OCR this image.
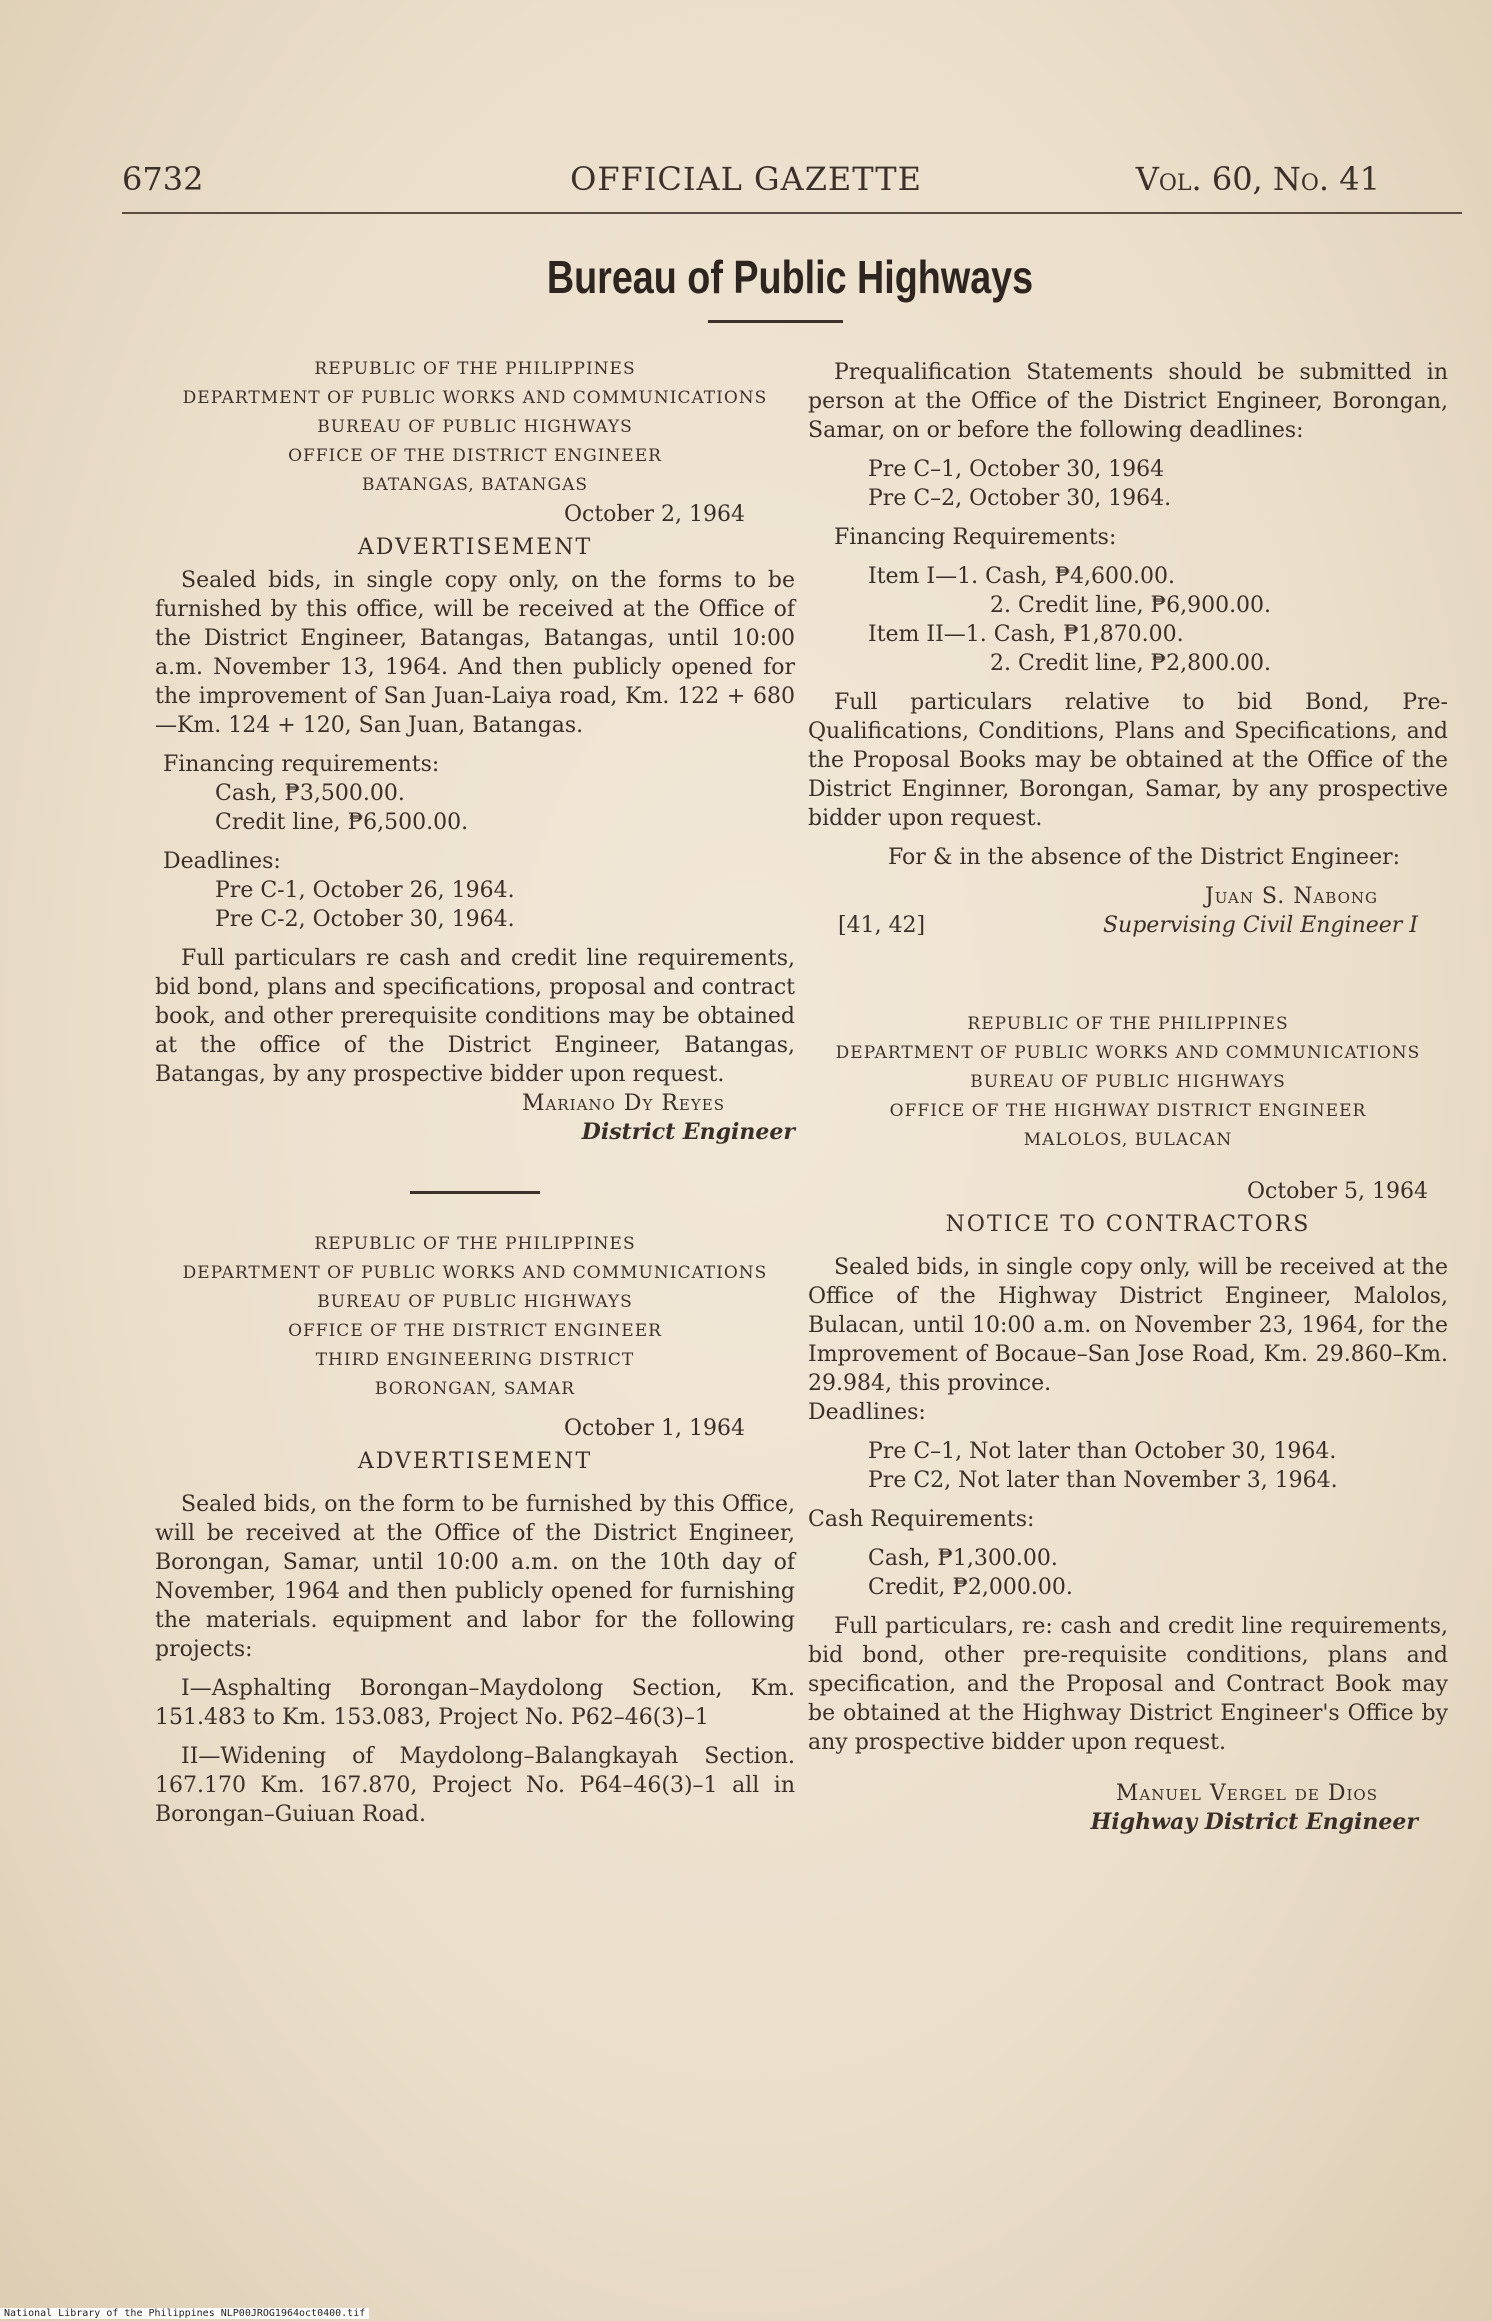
6732	OFFICIAL GAZETTE	Vol. 60, No. 41
Bureau of Public Highways
REPUBLIC OF THE PHILIPPINES
DEPARTMENT OF PUBLIC WORKS AND COMMUNICATIONS
BUREAU OF PUBLIC HIGHWAYS
OFFICE OF THE DISTRICT ENGINEER
BATANGAS, BATANGAS
October 2, 1964
ADVERTISEMENT

Sealed bids, in single copy only, on the forms to be furnished by this office, will be received at the Office of the District Engineer, Batangas, Batangas, until 10:00 a.m. November 13, 1964. And then publicly opened for the improvement of San Juan-Laiya road, Km. 122 + 680—Km. 124 + 120, San Juan, Batangas.

Financing requirements:
Cash, ₱3,500.00.
Credit line, ₱6,500.00.
Deadlines:
Pre C-1, October 26, 1964.
Pre C-2, October 30, 1964.

Full particulars re cash and credit line requirements, bid bond, plans and specifications, proposal and contract book, and other prerequisite conditions may be obtained at the office of the District Engineer, Batangas, Batangas, by any prospective bidder upon request.

Mariano Dy Reyes
District Engineer
REPUBLIC OF THE PHILIPPINES
DEPARTMENT OF PUBLIC WORKS AND COMMUNICATIONS
BUREAU OF PUBLIC HIGHWAYS
OFFICE OF THE DISTRICT ENGINEER
THIRD ENGINEERING DISTRICT
BORONGAN, SAMAR
October 1, 1964
ADVERTISEMENT

Sealed bids, on the form to be furnished by this Office, will be received at the Office of the District Engineer, Borongan, Samar, until 10:00 a.m. on the 10th day of November, 1964 and then publicly opened for furnishing the materials. equipment and labor for the following projects:

I—Asphalting Borongan–Maydolong Section, Km. 151.483 to Km. 153.083, Project No. P62–46(3)–1

II—Widening of Maydolong–Balangkayah Section. 167.170 Km. 167.870, Project No. P64–46(3)–1 all in Borongan–Guiuan Road.

Prequalification Statements should be submitted in person at the Office of the District Engineer, Borongan, Samar, on or before the following deadlines:

Pre C–1, October 30, 1964
Pre C–2, October 30, 1964.
Financing Requirements:
Item I—1. Cash, ₱4,600.00.
2. Credit line, ₱6,900.00.
Item II—1. Cash, ₱1,870.00.
2. Credit line, ₱2,800.00.

Full particulars relative to bid Bond, Pre-Qualifications, Conditions, Plans and Specifications, and the Proposal Books may be obtained at the Office of the District Enginner, Borongan, Samar, by any prospective bidder upon request.

For & in the absence of the District Engineer:
Juan S. Nabong
[41, 42]	Supervising Civil Engineer I
REPUBLIC OF THE PHILIPPINES
DEPARTMENT OF PUBLIC WORKS AND COMMUNICATIONS
BUREAU OF PUBLIC HIGHWAYS
OFFICE OF THE HIGHWAY DISTRICT ENGINEER
MALOLOS, BULACAN
October 5, 1964
NOTICE TO CONTRACTORS

Sealed bids, in single copy only, will be received at the Office of the Highway District Engineer, Malolos, Bulacan, until 10:00 a.m. on November 23, 1964, for the Improvement of Bocaue–San Jose Road, Km. 29.860–Km. 29.984, this province.

Deadlines:
Pre C–1, Not later than October 30, 1964.
Pre C2, Not later than November 3, 1964.
Cash Requirements:
Cash, ₱1,300.00.
Credit, ₱2,000.00.

Full particulars, re: cash and credit line requirements, bid bond, other pre-requisite conditions, plans and specification, and the Proposal and Contract Book may be obtained at the Highway District Engineer's Office by any prospective bidder upon request.

Manuel Vergel de Dios
Highway District Engineer
National Library of the Philippines NLP00JROG1964oct0400.tif
